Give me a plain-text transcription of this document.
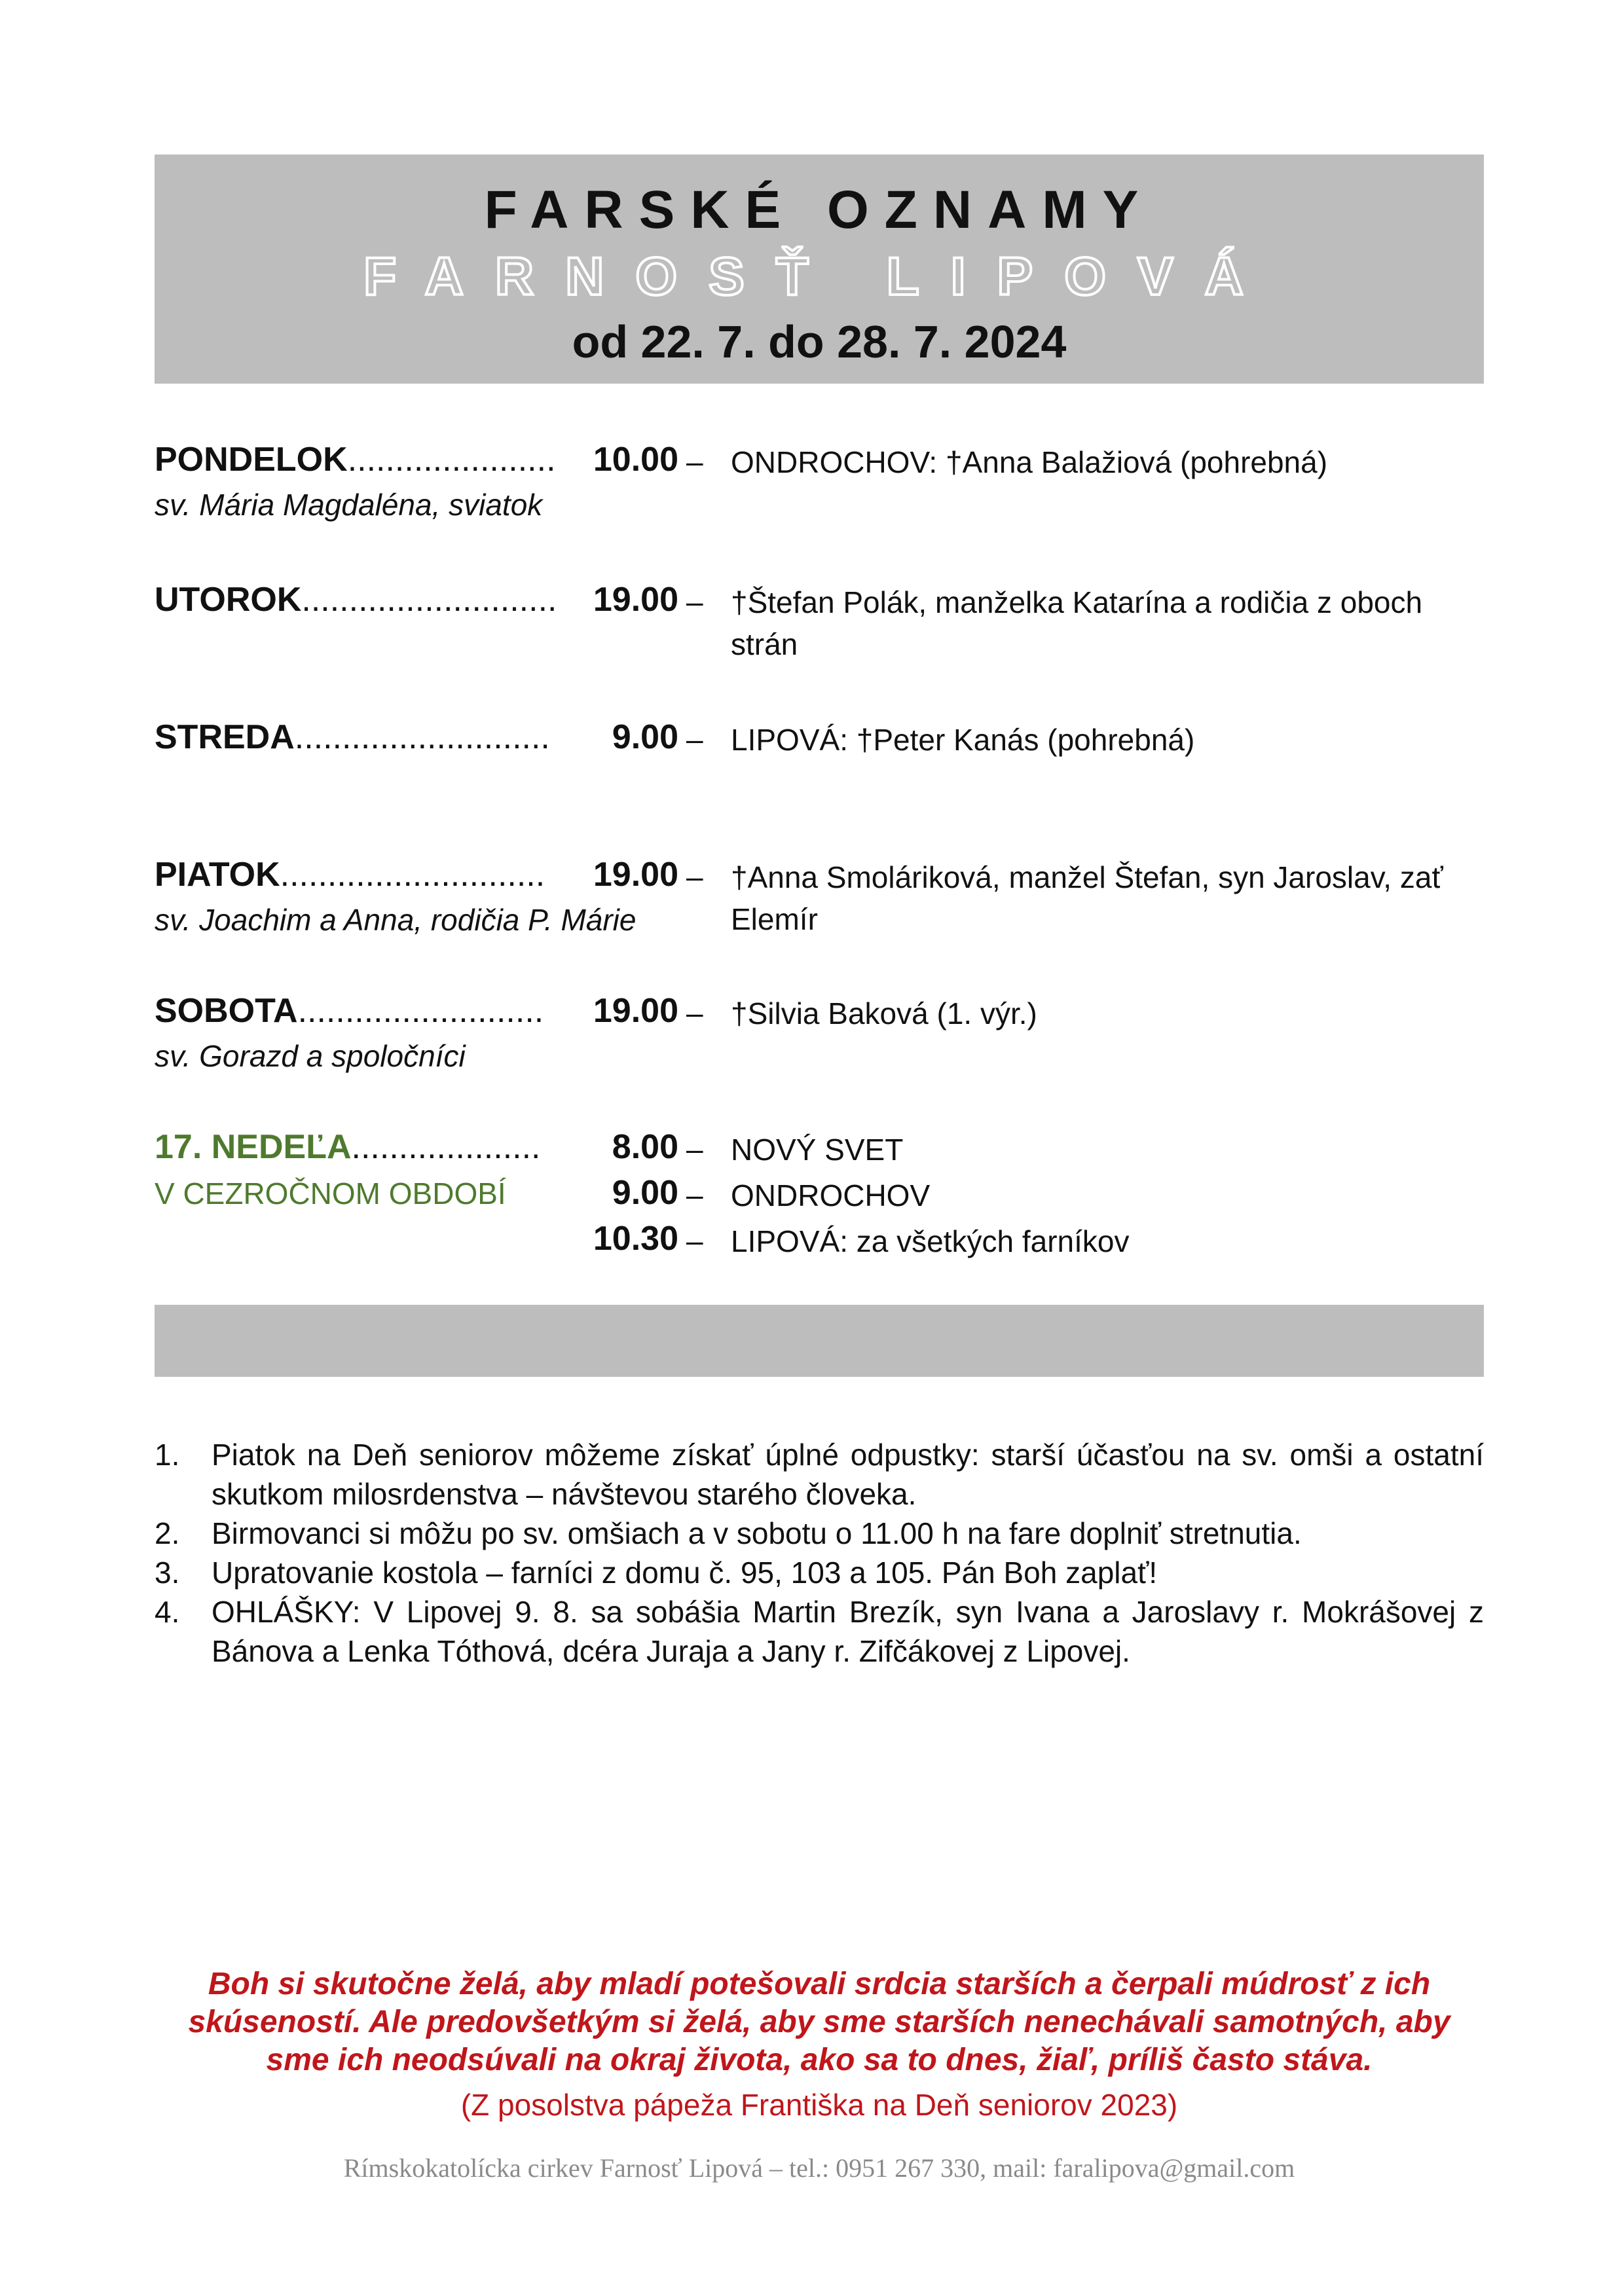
FARSKÉ OZNAMY
FARNOSŤ LIPOVÁ
od 22. 7. do 28. 7. 2024
PONDELOK......................	10.00 – ONDROCHOV: †Anna Balažiová (pohrebná)
sv. Mária Magdaléna, sviatok
UTOROK...........................	19.00 – †Štefan Polák, manželka Katarína a rodičia z oboch strán
STREDA...........................	9.00 – LIPOVÁ: †Peter Kanás (pohrebná)
PIATOK............................	19.00 – †Anna Smoláriková, manžel Štefan, syn Jaroslav, zať Elemír
sv. Joachim a Anna, rodičia P. Márie
SOBOTA..........................	19.00 – †Silvia Baková (1. výr.)
sv. Gorazd a spoločníci
17. NEDEĽA....................	8.00 – NOVÝ SVET
V CEZROČNOM OBDOBÍ	9.00 – ONDROCHOV
10.30 – LIPOVÁ: za všetkých farníkov
1. Piatok na Deň seniorov môžeme získať úplné odpustky: starší účasťou na sv. omši a ostatní skutkom milosrdenstva – návštevou starého človeka.
2. Birmovanci si môžu po sv. omšiach a v sobotu o 11.00 h na fare doplniť stretnutia.
3. Upratovanie kostola – farníci z domu č. 95, 103 a 105. Pán Boh zaplať!
4. OHLÁŠKY: V Lipovej 9. 8. sa sobášia Martin Brezík, syn Ivana a Jaroslavy r. Mokrášovej z Bánova a Lenka Tóthová, dcéra Juraja a Jany r. Zifčákovej z Lipovej.
Boh si skutočne želá, aby mladí potešovali srdcia starších a čerpali múdrosť z ich skúseností. Ale predovšetkým si želá, aby sme starších nenechávali samotných, aby sme ich neodsúvali na okraj života, ako sa to dnes, žiaľ, príliš často stáva.
(Z posolstva pápeža Františka na Deň seniorov 2023)
Rímskokatolícka cirkev Farnosť Lipová – tel.: 0951 267 330, mail: faralipova@gmail.com
